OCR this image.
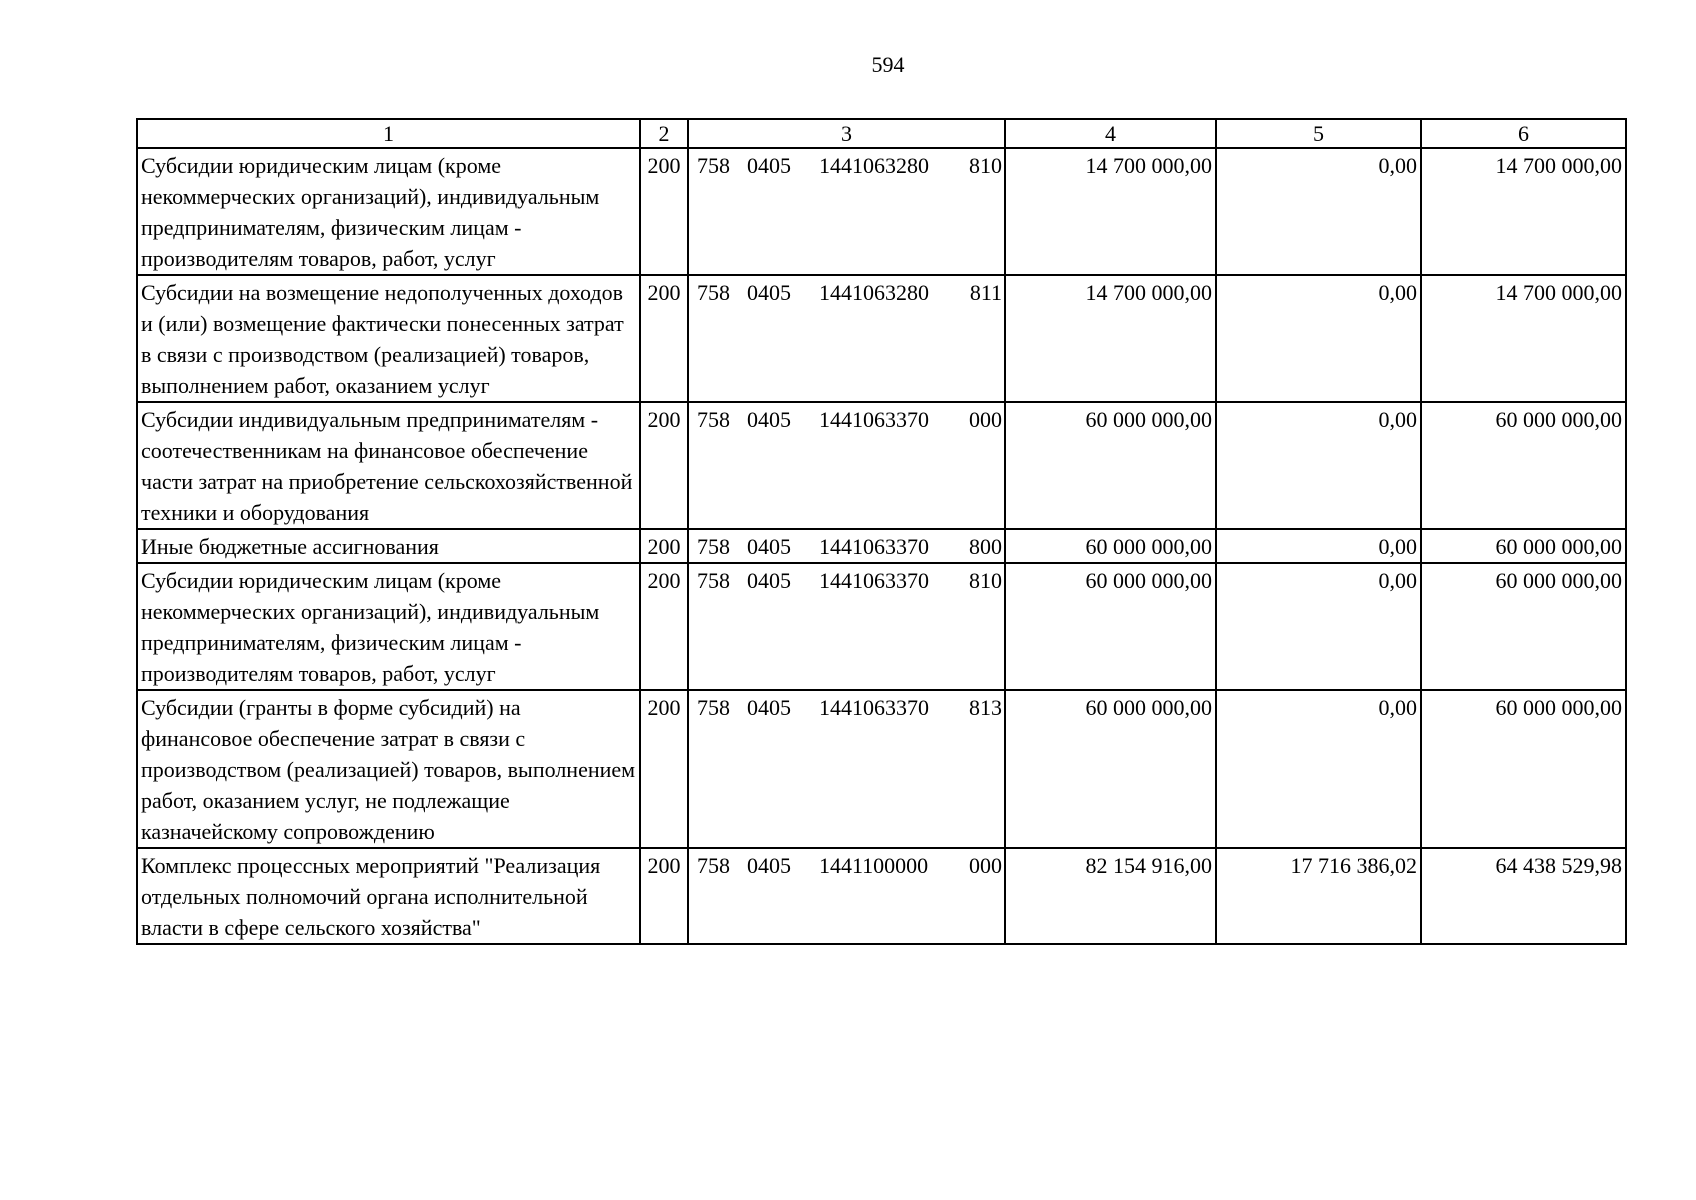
594
1	2	3	4	5	6
Субсидии юридическим лицам (кроме некоммерческих организаций), индивидуальным предпринимателям, физическим лицам - производителям товаров, работ, услуг	200	758 0405 1441063280 810	14 700 000,00	0,00	14 700 000,00
Субсидии на возмещение недополученных доходов и (или) возмещение фактически понесенных затрат в связи с производством (реализацией) товаров, выполнением работ, оказанием услуг	200	758 0405 1441063280 811	14 700 000,00	0,00	14 700 000,00
Субсидии индивидуальным предпринимателям - соотечественникам на финансовое обеспечение части затрат на приобретение сельскохозяйственной техники и оборудования	200	758 0405 1441063370 000	60 000 000,00	0,00	60 000 000,00
Иные бюджетные ассигнования	200	758 0405 1441063370 800	60 000 000,00	0,00	60 000 000,00
Субсидии юридическим лицам (кроме некоммерческих организаций), индивидуальным предпринимателям, физическим лицам - производителям товаров, работ, услуг	200	758 0405 1441063370 810	60 000 000,00	0,00	60 000 000,00
Субсидии (гранты в форме субсидий) на финансовое обеспечение затрат в связи с производством (реализацией) товаров, выполнением работ, оказанием услуг, не подлежащие казначейскому сопровождению	200	758 0405 1441063370 813	60 000 000,00	0,00	60 000 000,00
Комплекс процессных мероприятий "Реализация отдельных полномочий органа исполнительной власти в сфере сельского хозяйства"	200	758 0405 1441100000 000	82 154 916,00	17 716 386,02	64 438 529,98
